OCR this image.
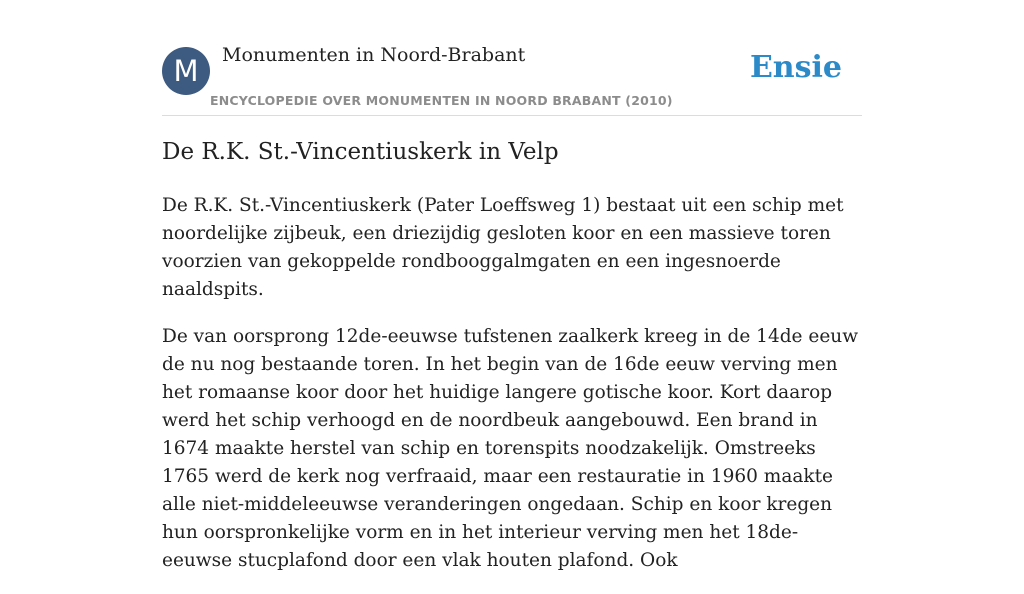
M	Monumenten in Noord-Brabant
ENCYCLOPEDIE OVER MONUMENTEN IN NOORD BRABANT (2010)
Ensie
De R.K. St.-Vincentiuskerk in Velp

De R.K. St.-Vincentiuskerk (Pater Loeffsweg 1) bestaat uit een schip met noordelijke zijbeuk, een driezijdig gesloten koor en een massieve toren voorzien van gekoppelde rondbooggalmgaten en een ingesnoerde naaldspits.

De van oorsprong 12de-eeuwse tufstenen zaalkerk kreeg in de 14de eeuw de nu nog bestaande toren. In het begin van de 16de eeuw verving men het romaanse koor door het huidige langere gotische koor. Kort daarop werd het schip verhoogd en de noordbeuk aangebouwd. Een brand in 1674 maakte herstel van schip en torenspits noodzakelijk. Omstreeks 1765 werd de kerk nog verfraaid, maar een restauratie in 1960 maakte alle niet-middeleeuwse veranderingen ongedaan. Schip en koor kregen hun oorspronkelijke vorm en in het interieur verving men het 18de-eeuwse stucplafond door een vlak houten plafond. Ook
